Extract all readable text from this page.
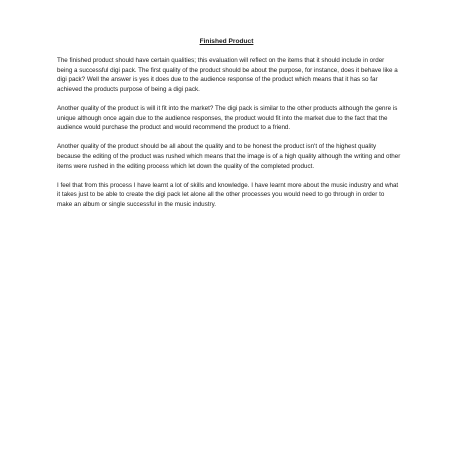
Finished Product

The finished product should have certain qualities; this evaluation will reflect on the items that it should include in order being a successful digi pack. The first quality of the product should be about the purpose, for instance, does it behave like a digi pack? Well the answer is yes it does due to the audience response of the product which means that it has so far achieved the products purpose of being a digi pack.

Another quality of the product is will it fit into the market? The digi pack is similar to the other products although the genre is unique although once again due to the audience responses, the product would fit into the market due to the fact that the audience would purchase the product and would recommend the product to a friend.

Another quality of the product should be all about the quality and to be honest the product isn't of the highest quality because the editing of the product was rushed which means that the image is of a high quality although the writing and other items were rushed in the editing process which let down the quality of the completed product.

I feel that from this process I have learnt a lot of skills and knowledge. I have learnt more about the music industry and what it takes just to be able to create the digi pack let alone all the other processes you would need to go through in order to make an album or single successful in the music industry.
